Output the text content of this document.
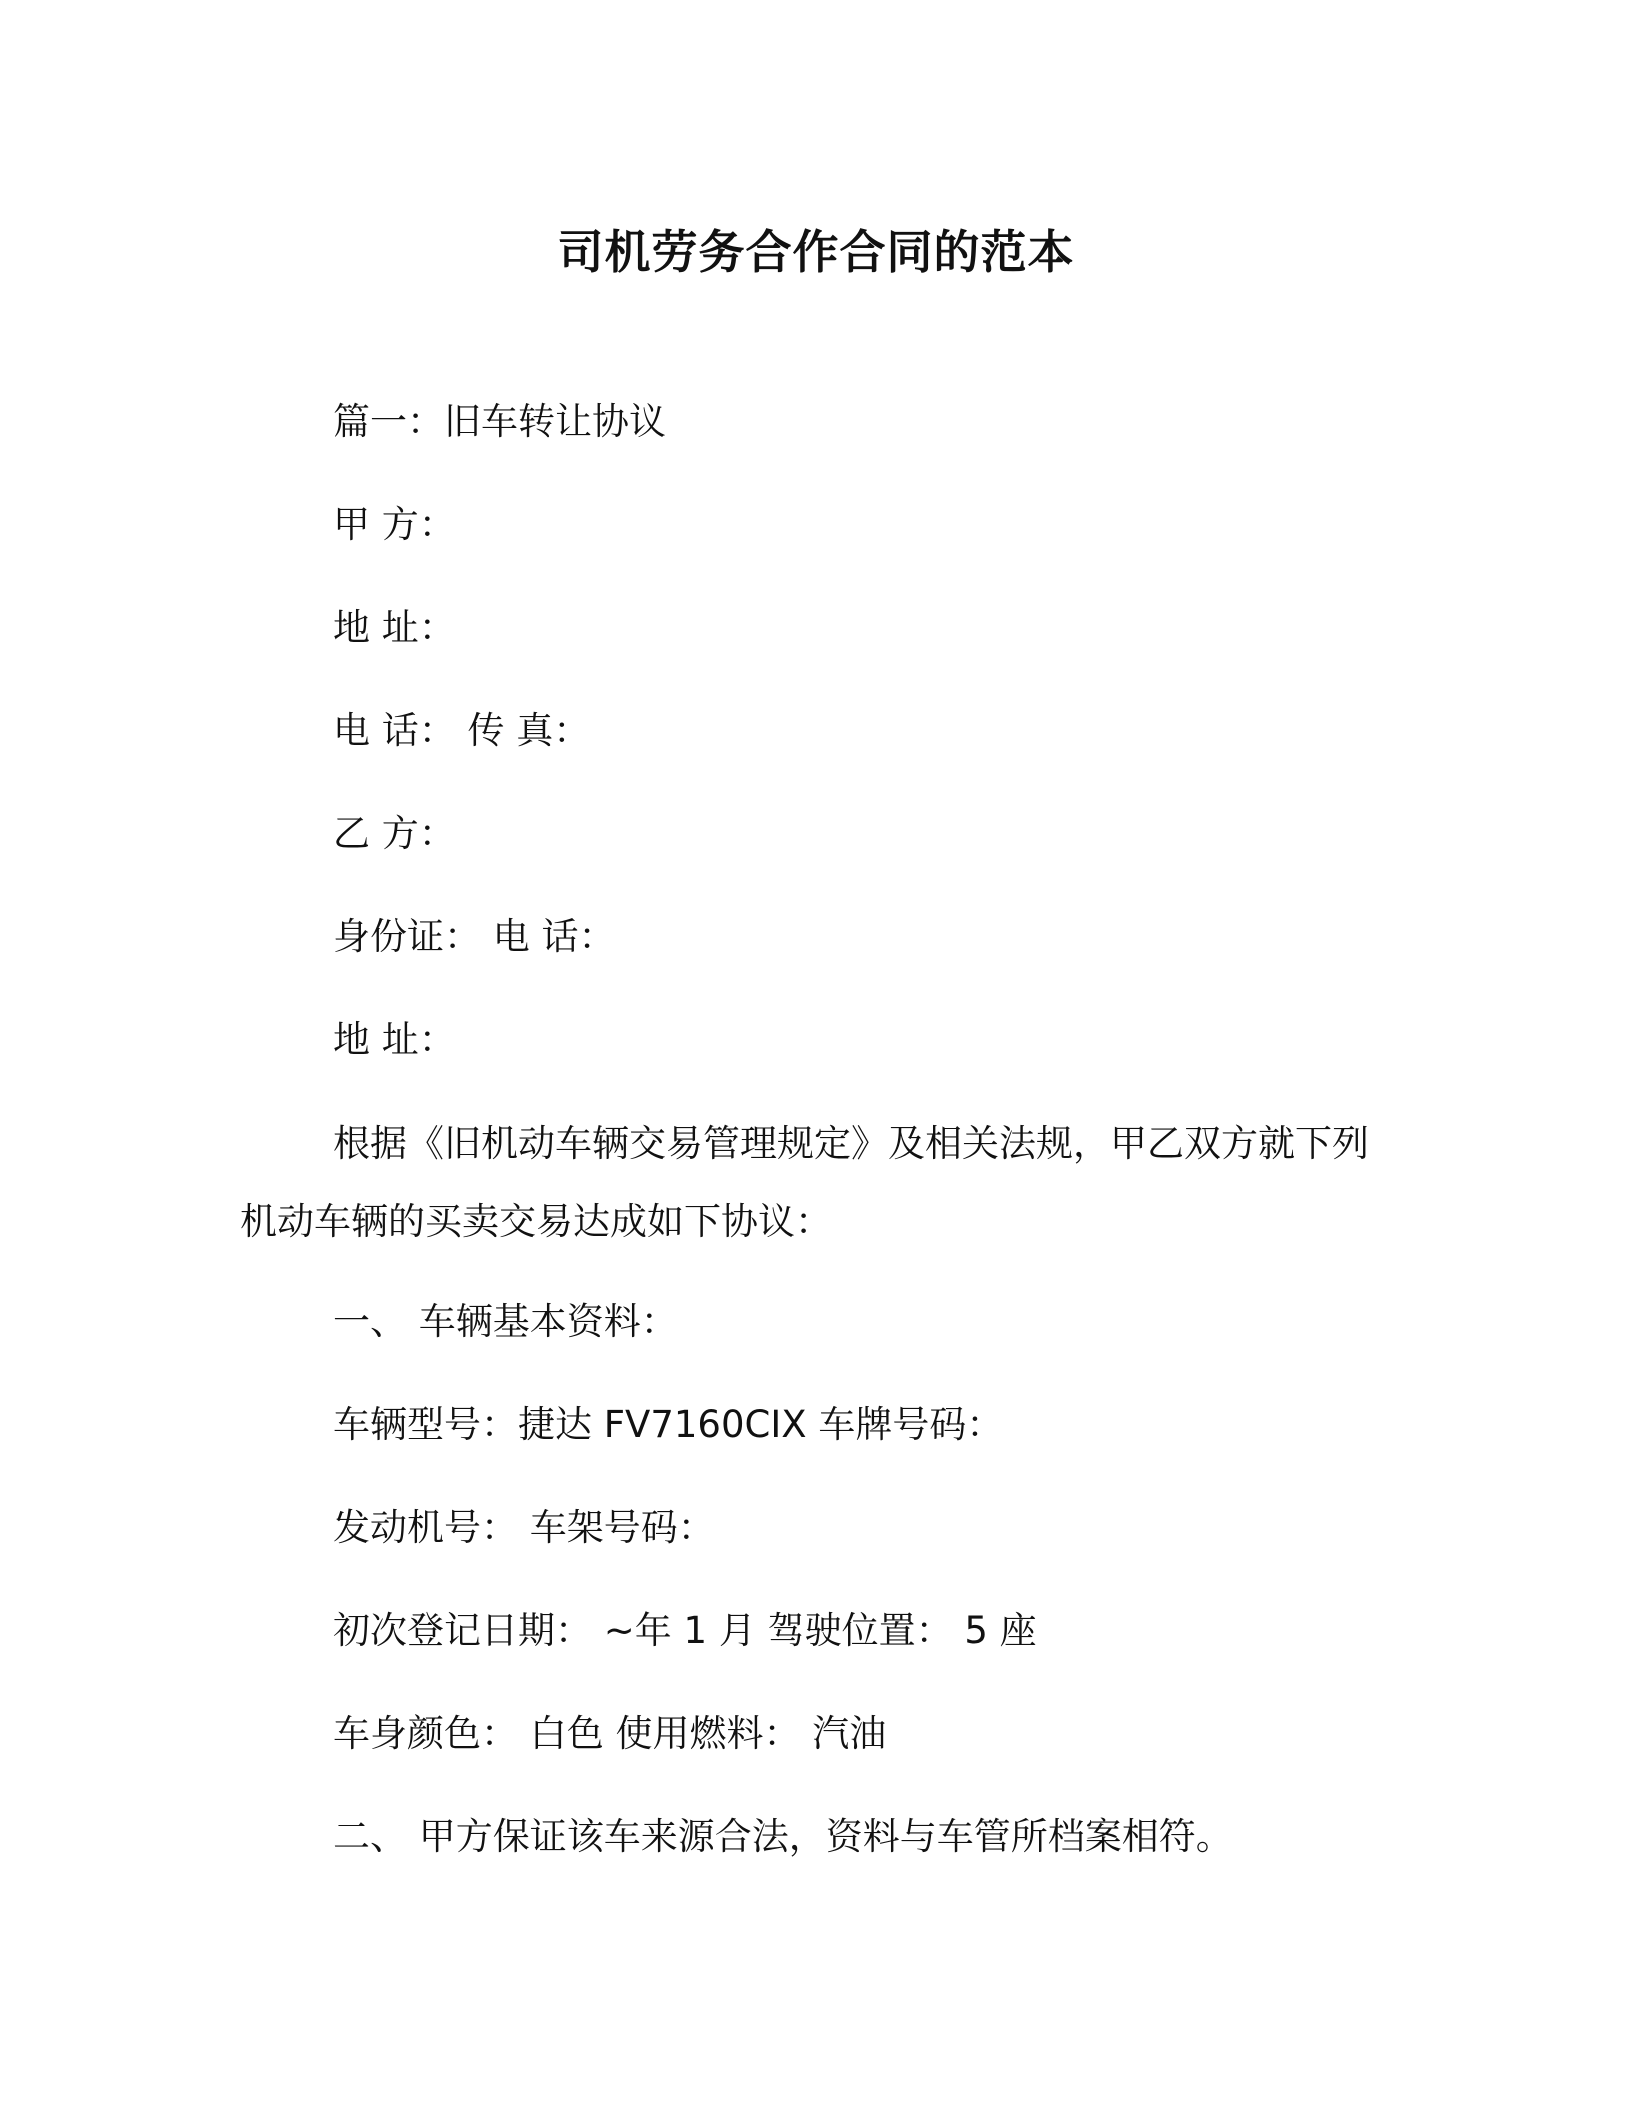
司机劳务合作合同的范本
篇一：旧车转让协议
甲 方：
地 址：
电 话： 传 真：
乙 方：
身份证： 电 话：
地 址：
根据《旧机动车辆交易管理规定》及相关法规，甲乙双方就下列
机动车辆的买卖交易达成如下协议：
一、 车辆基本资料：
车辆型号：捷达 FV7160CIX 车牌号码：
发动机号： 车架号码：
初次登记日期： ~年 1 月 驾驶位置： 5 座
车身颜色： 白色 使用燃料： 汽油
二、 甲方保证该车来源合法，资料与车管所档案相符。
